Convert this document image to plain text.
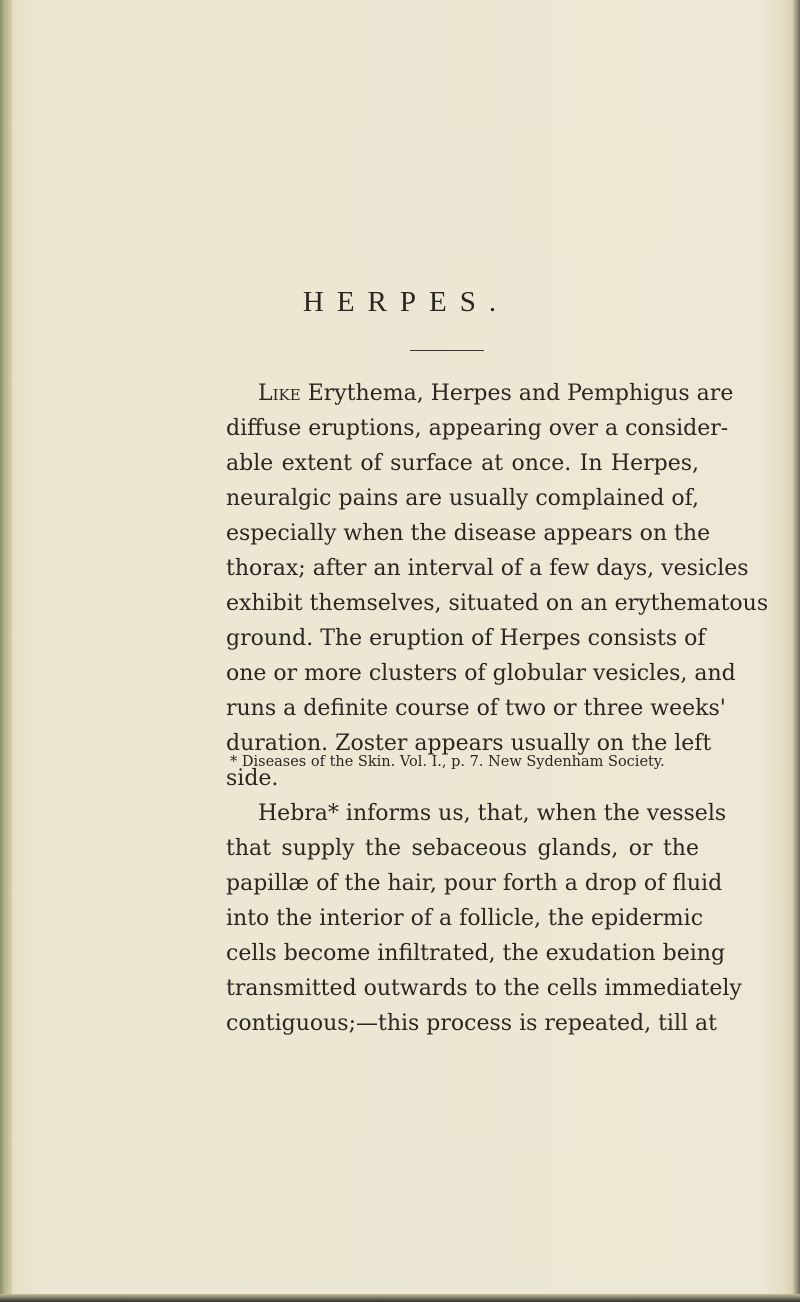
HERPES.
Like Erythema, Herpes and Pemphigus are
diffuse eruptions, appearing over a consider-
able extent of surface at once. In Herpes,
neuralgic pains are usually complained of,
especially when the disease appears on the
thorax; after an interval of a few days, vesicles
exhibit themselves, situated on an erythematous
ground. The eruption of Herpes consists of
one or more clusters of globular vesicles, and
runs a definite course of two or three weeks'
duration. Zoster appears usually on the left
side.
Hebra* informs us, that, when the vessels
that supply the sebaceous glands, or the
papillæ of the hair, pour forth a drop of fluid
into the interior of a follicle, the epidermic
cells become infiltrated, the exudation being
transmitted outwards to the cells immediately
contiguous;—this process is repeated, till at
* Diseases of the Skin. Vol. I., p. 7. New Sydenham Society.
